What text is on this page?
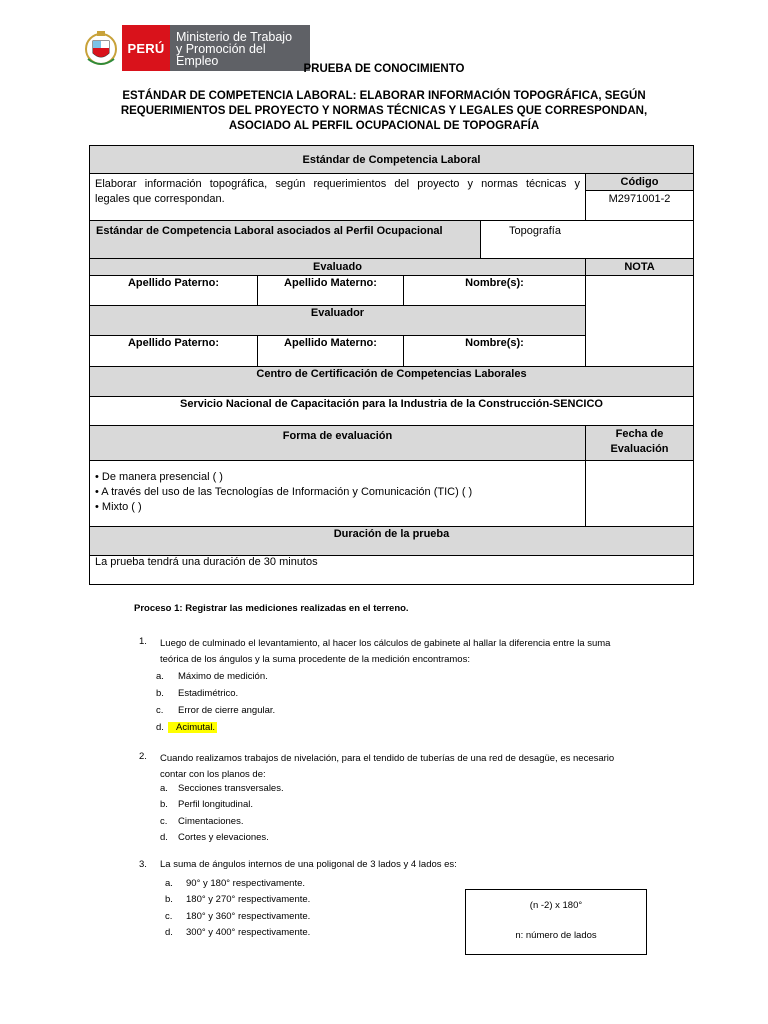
PERÚ
Ministerio de Trabajo
y Promoción del Empleo
PRUEBA DE CONOCIMIENTO
ESTÁNDAR DE COMPETENCIA LABORAL: ELABORAR INFORMACIÓN TOPOGRÁFICA, SEGÚN
REQUERIMIENTOS DEL PROYECTO Y NORMAS TÉCNICAS Y LEGALES QUE CORRESPONDAN,
ASOCIADO AL PERFIL OCUPACIONAL DE TOPOGRAFÍA
Estándar de Competencia Laboral
Elaborar información topográfica, según requerimientos del proyecto y normas técnicas y
legales que correspondan.
Código
M2971001-2
Estándar de Competencia Laboral asociados al Perfil Ocupacional	Topografía
Evaluado	NOTA
Apellido Paterno:	Apellido Materno:	Nombre(s):
Evaluador
Apellido Paterno:	Apellido Materno:	Nombre(s):
Centro de Certificación de Competencias Laborales
Servicio Nacional de Capacitación para la Industria de la Construcción-SENCICO
Forma de evaluación	Fecha de
Evaluación
• De manera presencial ( )
• A través del uso de las Tecnologías de Información y Comunicación (TIC) ( )
• Mixto ( )
Duración de la prueba
La prueba tendrá una duración de 30 minutos
Proceso 1: Registrar las mediciones realizadas en el terreno.
1. Luego de culminado el levantamiento, al hacer los cálculos de gabinete al hallar la diferencia entre la suma
teórica de los ángulos y la suma procedente de la medición encontramos:
a. Máximo de medición.
b. Estadimétrico.
c. Error de cierre angular.
d. Acimutal.
2. Cuando realizamos trabajos de nivelación, para el tendido de tuberías de una red de desagüe, es necesario
contar con los planos de:
a. Secciones transversales.
b. Perfil longitudinal.
c. Cimentaciones.
d. Cortes y elevaciones.
3. La suma de ángulos internos de una poligonal de 3 lados y 4 lados es:
a. 90° y 180° respectivamente.
b. 180° y 270° respectivamente.
c. 180° y 360° respectivamente.
d. 300° y 400° respectivamente.
(n -2) x 180°
n: número de lados
